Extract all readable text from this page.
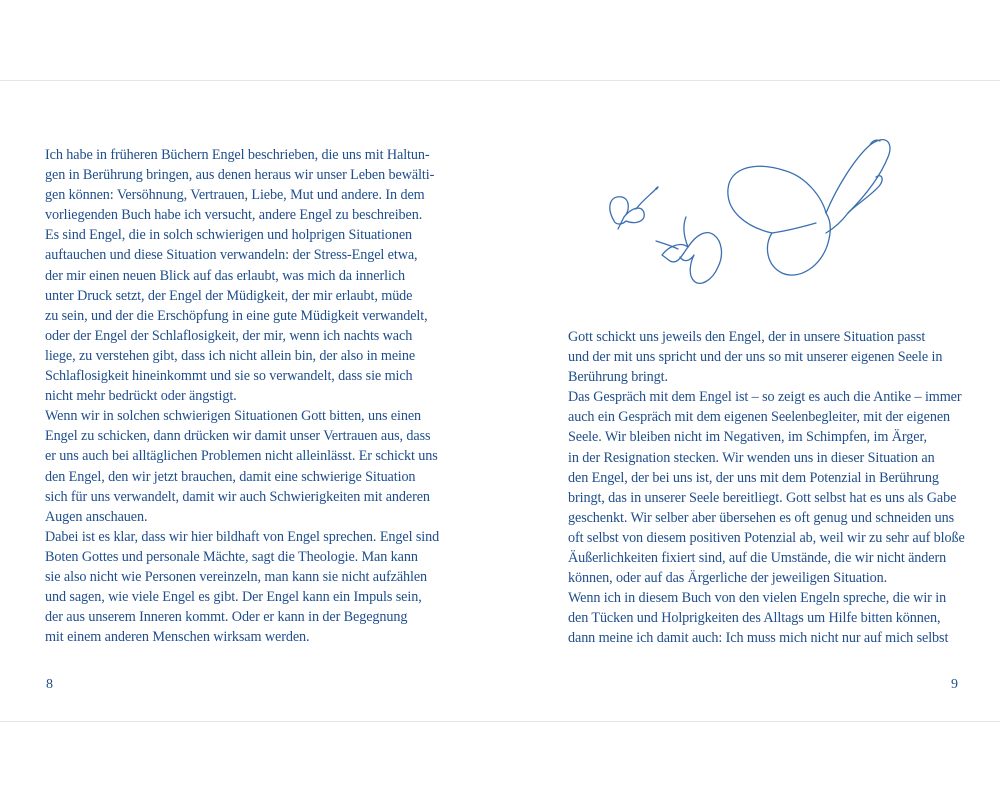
Ich habe in früheren Büchern Engel beschrieben, die uns mit Haltun-
gen in Berührung bringen, aus denen heraus wir unser Leben bewälti-
gen können: Versöhnung, Vertrauen, Liebe, Mut und andere. In dem
vorliegenden Buch habe ich versucht, andere Engel zu beschreiben.
Es sind Engel, die in solch schwierigen und holprigen Situationen
auftauchen und diese Situation verwandeln: der Stress-Engel etwa,
der mir einen neuen Blick auf das erlaubt, was mich da innerlich
unter Druck setzt, der Engel der Müdigkeit, der mir erlaubt, müde
zu sein, und der die Erschöpfung in eine gute Müdigkeit verwandelt,
oder der Engel der Schlaflosigkeit, der mir, wenn ich nachts wach
liege, zu verstehen gibt, dass ich nicht allein bin, der also in meine
Schlaflosigkeit hineinkommt und sie so verwandelt, dass sie mich
nicht mehr bedrückt oder ängstigt.
Wenn wir in solchen schwierigen Situationen Gott bitten, uns einen
Engel zu schicken, dann drücken wir damit unser Vertrauen aus, dass
er uns auch bei alltäglichen Problemen nicht alleinlässt. Er schickt uns
den Engel, den wir jetzt brauchen, damit eine schwierige Situation
sich für uns verwandelt, damit wir auch Schwierigkeiten mit anderen
Augen anschauen.
Dabei ist es klar, dass wir hier bildhaft von Engel sprechen. Engel sind
Boten Gottes und personale Mächte, sagt die Theologie. Man kann
sie also nicht wie Personen vereinzeln, man kann sie nicht aufzählen
und sagen, wie viele Engel es gibt. Der Engel kann ein Impuls sein,
der aus unserem Inneren kommt. Oder er kann in der Begegnung
mit einem anderen Menschen wirksam werden.
8
Gott schickt uns jeweils den Engel, der in unsere Situation passt
und der mit uns spricht und der uns so mit unserer eigenen Seele in
Berührung bringt.
Das Gespräch mit dem Engel ist – so zeigt es auch die Antike – immer
auch ein Gespräch mit dem eigenen Seelenbegleiter, mit der eigenen
Seele. Wir bleiben nicht im Negativen, im Schimpfen, im Ärger,
in der Resignation stecken. Wir wenden uns in dieser Situation an
den Engel, der bei uns ist, der uns mit dem Potenzial in Berührung
bringt, das in unserer Seele bereitliegt. Gott selbst hat es uns als Gabe
geschenkt. Wir selber aber übersehen es oft genug und schneiden uns
oft selbst von diesem positiven Potenzial ab, weil wir zu sehr auf bloße
Äußerlichkeiten fixiert sind, auf die Umstände, die wir nicht ändern
können, oder auf das Ärgerliche der jeweiligen Situation.
Wenn ich in diesem Buch von den vielen Engeln spreche, die wir in
den Tücken und Holprigkeiten des Alltags um Hilfe bitten können,
dann meine ich damit auch: Ich muss mich nicht nur auf mich selbst
9
